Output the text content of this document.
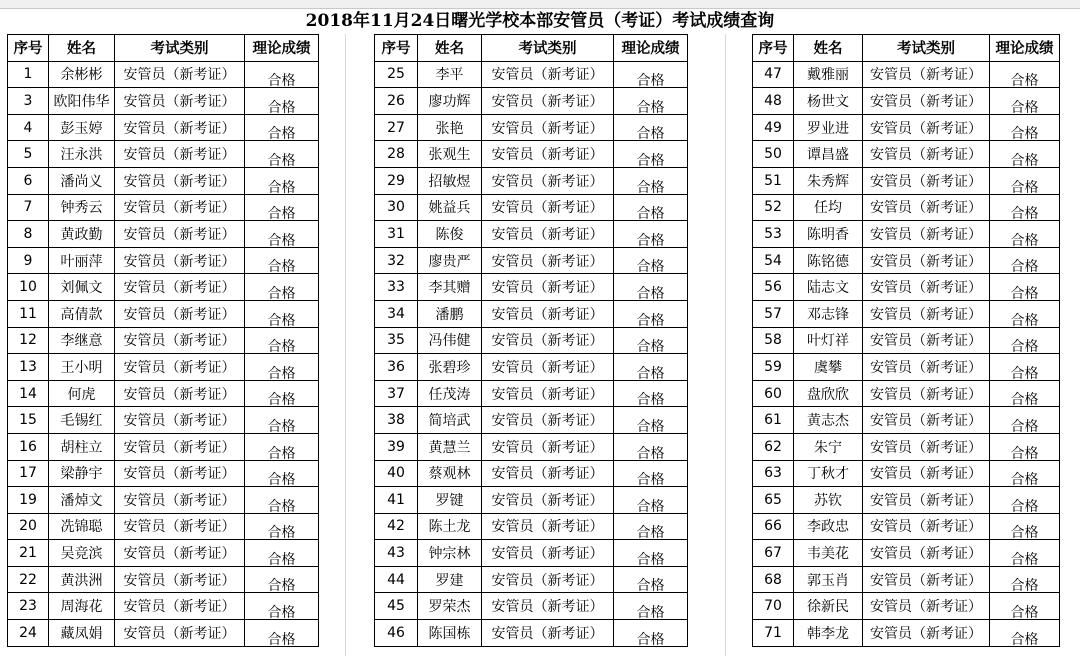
2018年11月24日曙光学校本部安管员（考证）考试成绩查询
序号	姓名	考试类别	理论成绩
1	余彬彬	安管员（新考证）	合格
3	欧阳伟华	安管员（新考证）	合格
4	彭玉婷	安管员（新考证）	合格
5	汪永洪	安管员（新考证）	合格
6	潘尚义	安管员（新考证）	合格
7	钟秀云	安管员（新考证）	合格
8	黄政勤	安管员（新考证）	合格
9	叶丽萍	安管员（新考证）	合格
10	刘佩文	安管员（新考证）	合格
11	高倩款	安管员（新考证）	合格
12	李继意	安管员（新考证）	合格
13	王小明	安管员（新考证）	合格
14	何虎	安管员（新考证）	合格
15	毛锡红	安管员（新考证）	合格
16	胡柱立	安管员（新考证）	合格
17	梁静宇	安管员（新考证）	合格
19	潘焯文	安管员（新考证）	合格
20	冼锦聪	安管员（新考证）	合格
21	吴竞滨	安管员（新考证）	合格
22	黄洪洲	安管员（新考证）	合格
23	周海花	安管员（新考证）	合格
24	藏凤娟	安管员（新考证）	合格
序号	姓名	考试类别	理论成绩
25	李平	安管员（新考证）	合格
26	廖功辉	安管员（新考证）	合格
27	张艳	安管员（新考证）	合格
28	张观生	安管员（新考证）	合格
29	招敏煜	安管员（新考证）	合格
30	姚益兵	安管员（新考证）	合格
31	陈俊	安管员（新考证）	合格
32	廖贵严	安管员（新考证）	合格
33	李其赠	安管员（新考证）	合格
34	潘鹏	安管员（新考证）	合格
35	冯伟健	安管员（新考证）	合格
36	张碧珍	安管员（新考证）	合格
37	任茂涛	安管员（新考证）	合格
38	简培武	安管员（新考证）	合格
39	黄慧兰	安管员（新考证）	合格
40	蔡观林	安管员（新考证）	合格
41	罗键	安管员（新考证）	合格
42	陈土龙	安管员（新考证）	合格
43	钟宗林	安管员（新考证）	合格
44	罗建	安管员（新考证）	合格
45	罗荣杰	安管员（新考证）	合格
46	陈国栋	安管员（新考证）	合格
序号	姓名	考试类别	理论成绩
47	戴雅丽	安管员（新考证）	合格
48	杨世文	安管员（新考证）	合格
49	罗业进	安管员（新考证）	合格
50	谭昌盛	安管员（新考证）	合格
51	朱秀辉	安管员（新考证）	合格
52	任均	安管员（新考证）	合格
53	陈明香	安管员（新考证）	合格
54	陈铭德	安管员（新考证）	合格
56	陆志文	安管员（新考证）	合格
57	邓志锋	安管员（新考证）	合格
58	叶灯祥	安管员（新考证）	合格
59	虞攀	安管员（新考证）	合格
60	盘欣欣	安管员（新考证）	合格
61	黄志杰	安管员（新考证）	合格
62	朱宁	安管员（新考证）	合格
63	丁秋才	安管员（新考证）	合格
65	苏钦	安管员（新考证）	合格
66	李政忠	安管员（新考证）	合格
67	韦美花	安管员（新考证）	合格
68	郭玉肖	安管员（新考证）	合格
70	徐新民	安管员（新考证）	合格
71	韩李龙	安管员（新考证）	合格
